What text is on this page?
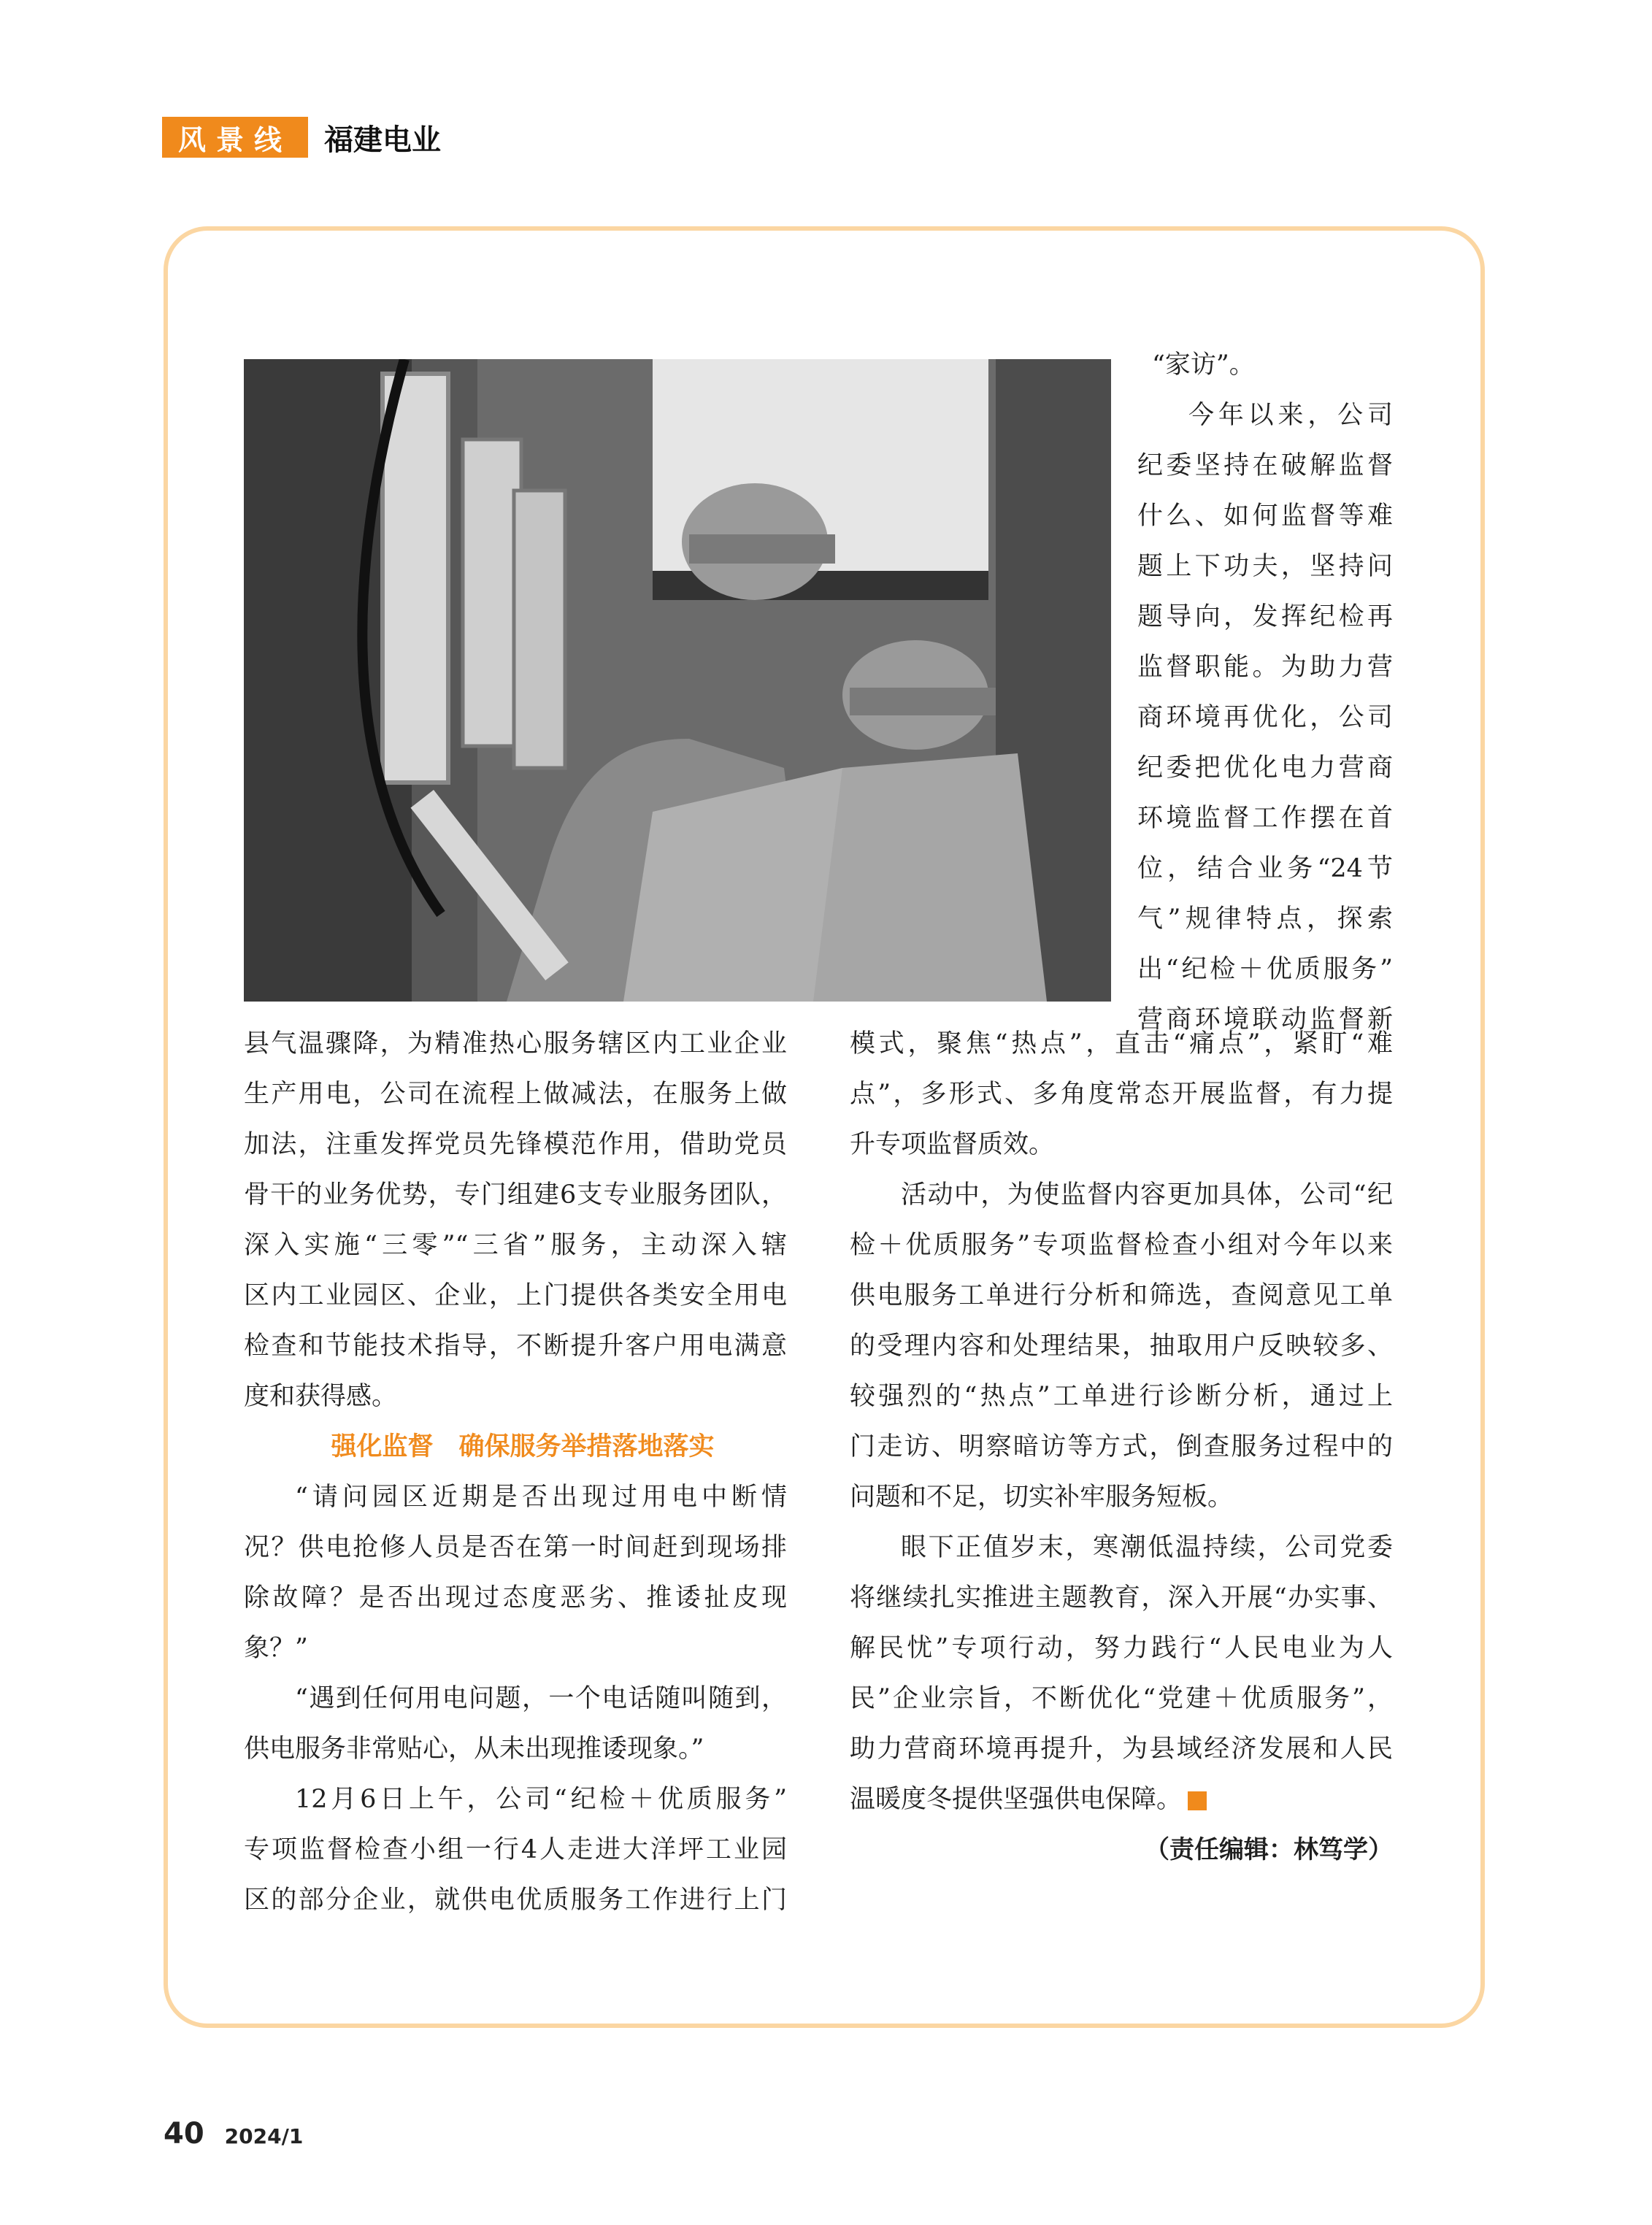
风景线	福建电业

“家访”。

今年以来，公司

纪委坚持在破解监督

什么、如何监督等难

题上下功夫，坚持问

题导向，发挥纪检再

监督职能。为助力营

商环境再优化，公司

纪委把优化电力营商

环境监督工作摆在首

位，结合业务“24节

气”规律特点，探索

出“纪检＋优质服务”

营商环境联动监督新

县气温骤降，为精准热心服务辖区内工业企业

生产用电，公司在流程上做减法，在服务上做

加法，注重发挥党员先锋模范作用，借助党员

骨干的业务优势，专门组建6支专业服务团队，

深入实施“三零”“三省”服务，主动深入辖

区内工业园区、企业，上门提供各类安全用电

检查和节能技术指导，不断提升客户用电满意

度和获得感。

强化监督　确保服务举措落地落实

“请问园区近期是否出现过用电中断情

况？供电抢修人员是否在第一时间赶到现场排

除故障？是否出现过态度恶劣、推诿扯皮现

象？”

“遇到任何用电问题，一个电话随叫随到，

供电服务非常贴心，从未出现推诿现象。”

12月6日上午，公司“纪检＋优质服务”

专项监督检查小组一行4人走进大洋坪工业园

区的部分企业，就供电优质服务工作进行上门

模式，聚焦“热点”，直击“痛点”，紧盯“难

点”，多形式、多角度常态开展监督，有力提

升专项监督质效。

活动中，为使监督内容更加具体，公司“纪

检＋优质服务”专项监督检查小组对今年以来

供电服务工单进行分析和筛选，查阅意见工单

的受理内容和处理结果，抽取用户反映较多、

较强烈的“热点”工单进行诊断分析，通过上

门走访、明察暗访等方式，倒查服务过程中的

问题和不足，切实补牢服务短板。

眼下正值岁末，寒潮低温持续，公司党委

将继续扎实推进主题教育，深入开展“办实事、

解民忧”专项行动，努力践行“人民电业为人

民”企业宗旨，不断优化“党建＋优质服务”，

助力营商环境再提升，为县域经济发展和人民

温暖度冬提供坚强供电保障。

（责任编辑：林笃学）

40 2024/1
